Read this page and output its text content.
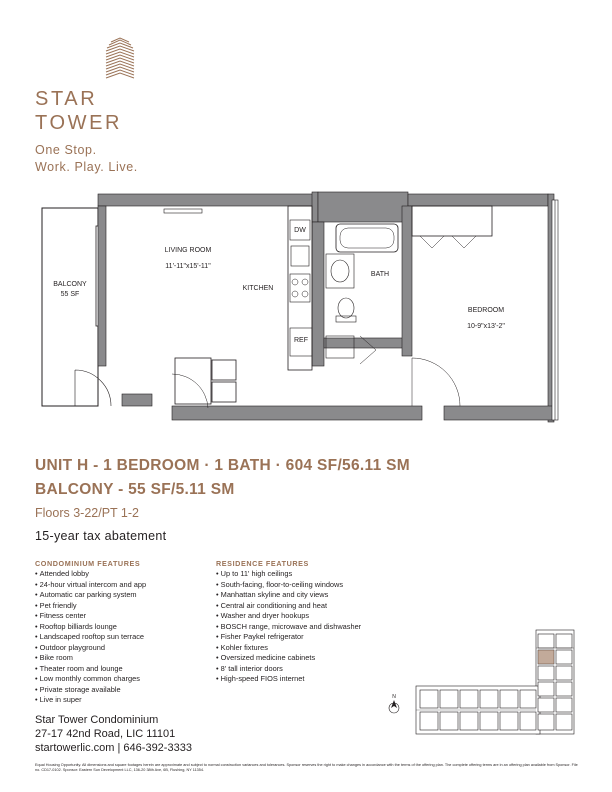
STAR
TOWER
One Stop.
Work. Play. Live.
BALCONY
55 SF
LIVING ROOM
11'-11"x15'-11"
KITCHEN
DW
REF
BATH
BEDROOM
10-9"x13'-2"
UNIT H - 1 BEDROOM · 1 BATH · 604 SF/56.11 SM
BALCONY - 55 SF/5.11 SM
Floors 3-22/PT 1-2
15-year tax abatement
CONDOMINIUM FEATURES
• Attended lobby
• 24-hour virtual intercom and app
• Automatic car parking system
• Pet friendly
• Fitness center
• Rooftop billiards lounge
• Landscaped rooftop sun terrace
• Outdoor playground
• Bike room
• Theater room and lounge
• Low monthly common charges
• Private storage available
• Live in super
RESIDENCE FEATURES
• Up to 11' high ceilings
• South-facing, floor-to-ceiling windows
• Manhattan skyline and city views
• Central air conditioning and heat
• Washer and dryer hookups
• BOSCH range, microwave and dishwasher
• Fisher Paykel refrigerator
• Kohler fixtures
• Oversized medicine cabinets
• 8' tall interior doors
• High-speed FIOS internet
Star Tower Condominium
27-17 42nd Road, LIC 11101
startowerlic.com | 646-392-3333
N
Equal Housing Opportunity. All dimensions and square footages herein are approximate and subject to normal construction variances and tolerances. Sponsor reserves the right to make changes in accordance with the terms of the offering plan. The complete offering terms are in an offering plan available from Sponsor. File no. CD17-0102. Sponsor: Eastern Sun Development LLC, 136-20 38th Ave, 6B, Flushing, NY 11354.
